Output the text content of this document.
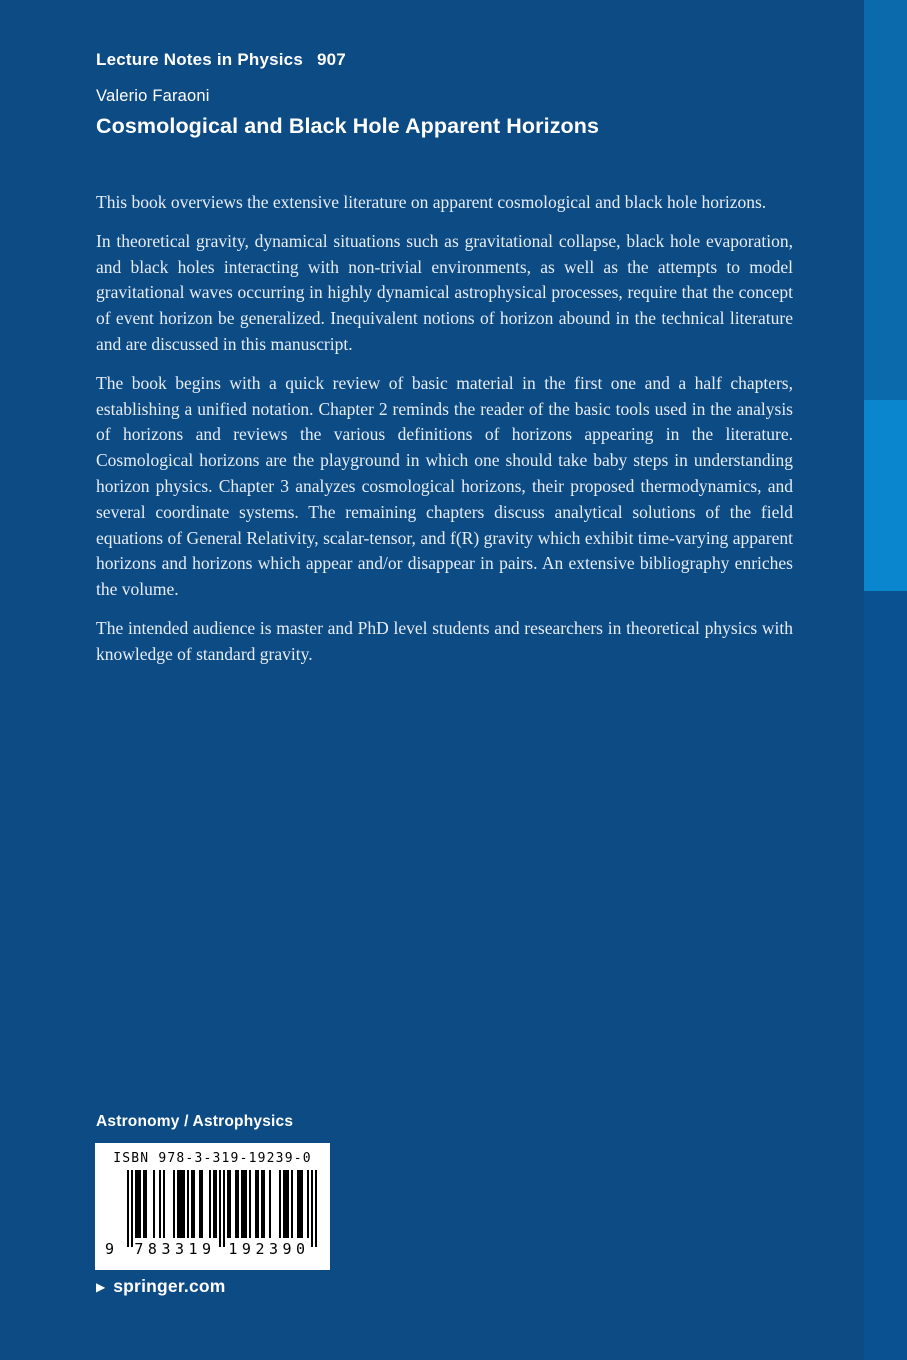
Lecture Notes in Physics 907
Valerio Faraoni
Cosmological and Black Hole Apparent Horizons

This book overviews the extensive literature on apparent cosmological and black hole horizons.

In theoretical gravity, dynamical situations such as gravitational collapse, black hole evaporation, and black holes interacting with non-trivial environments, as well as the attempts to model gravitational waves occurring in highly dynamical astrophysical processes, require that the concept of event horizon be generalized. Inequivalent notions of horizon abound in the technical literature and are discussed in this manuscript.

The book begins with a quick review of basic material in the first one and a half chapters, establishing a unified notation. Chapter 2 reminds the reader of the basic tools used in the analysis of horizons and reviews the various definitions of horizons appearing in the literature. Cosmological horizons are the playground in which one should take baby steps in understanding horizon physics. Chapter 3 analyzes cosmological horizons, their proposed thermodynamics, and several coordinate systems. The remaining chapters discuss analytical solutions of the field equations of General Relativity, scalar-tensor, and f(R) gravity which exhibit time-varying apparent horizons and horizons which appear and/or disappear in pairs. An extensive bibliography enriches the volume.

The intended audience is master and PhD level students and researchers in theoretical physics with knowledge of standard gravity.

Astronomy / Astrophysics
ISBN 978-3-319-19239-0
9 783319 192390
▶ springer.com
